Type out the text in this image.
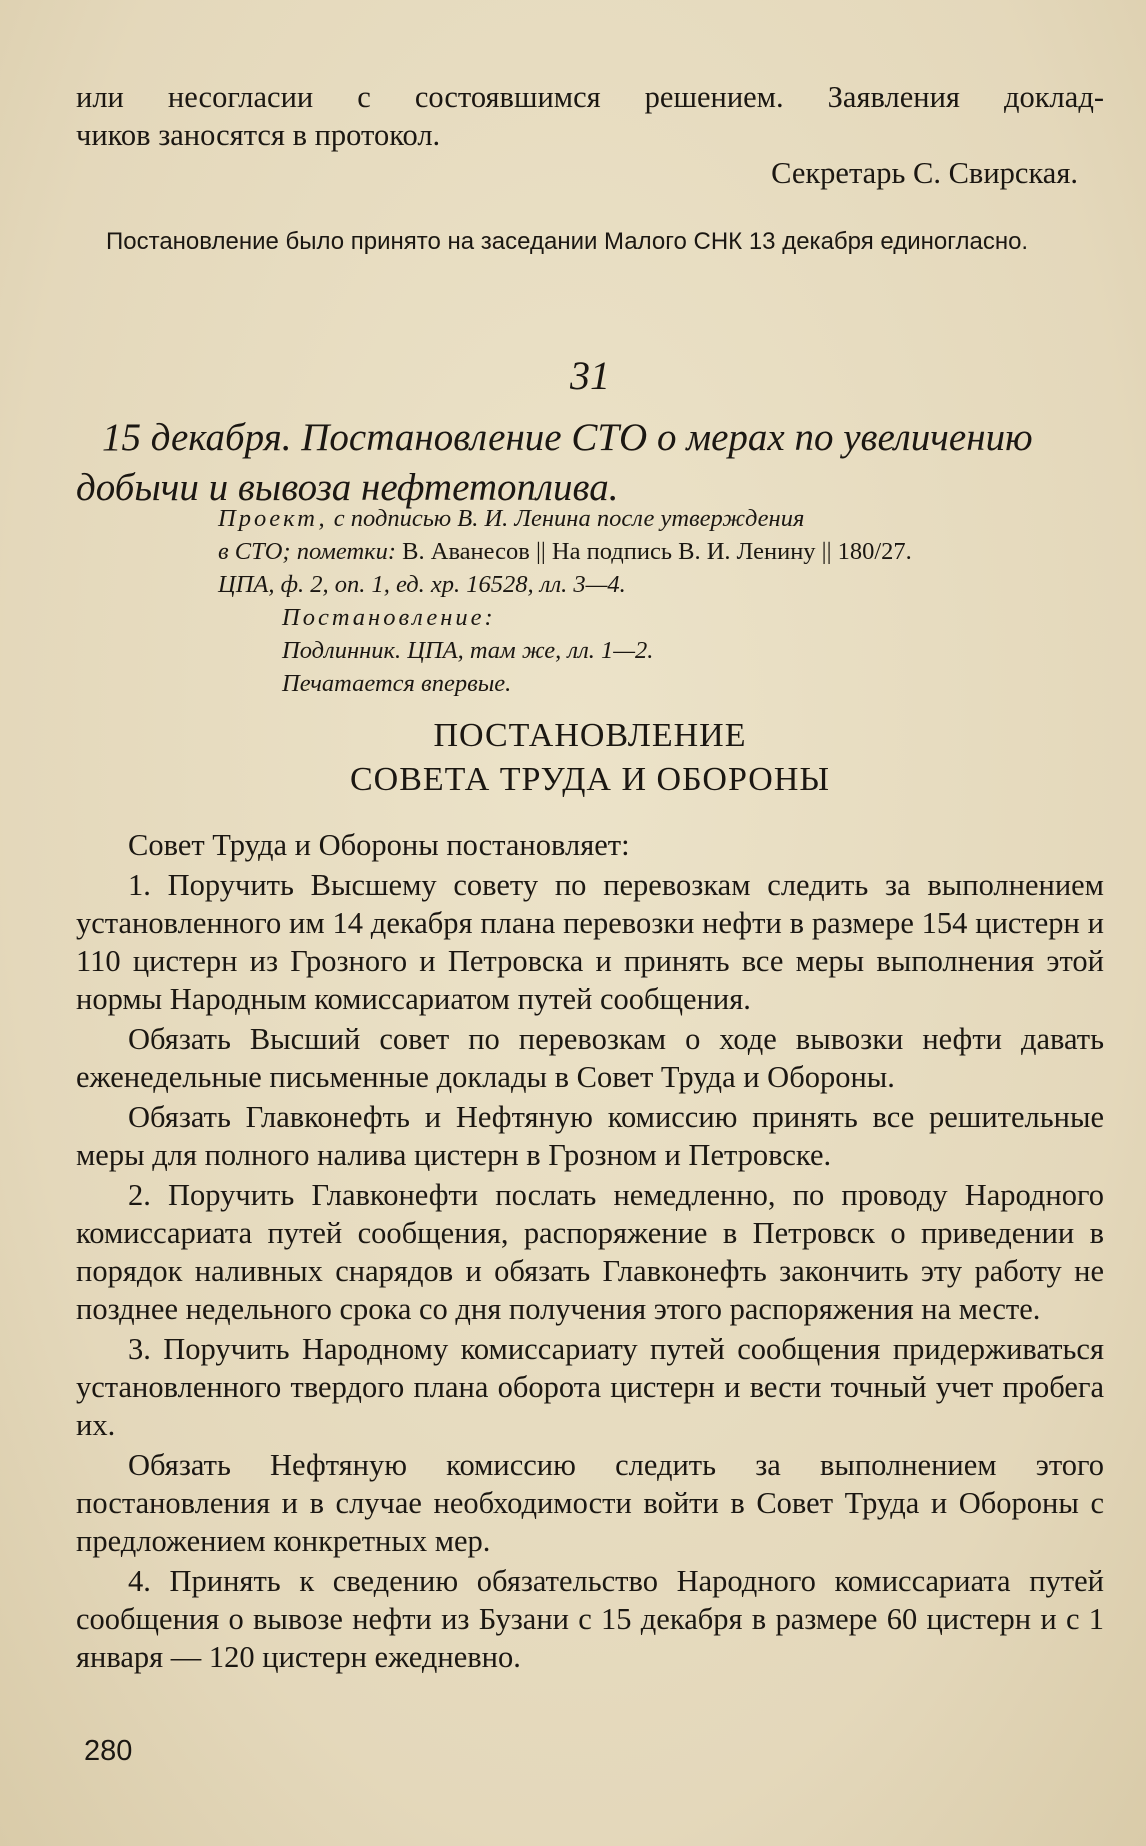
или несогласии с состоявшимся решением. Заявления доклад-

чиков заносятся в протокол.

Секретарь С. Свирская.

Постановление было принято на заседании Малого СНК 13 декабря единогласно.

31

15 декабря. Постановление СТО о мерах по увеличению добычи и вывоза нефтетоплива.

Проект, с подписью В. И. Ленина после утверждения

в СТО; пометки: В. Аванесов || На подпись В. И. Ленину || 180/27.

ЦПА, ф. 2, оп. 1, ед. хр. 16528, лл. 3—4.

Постановление:

Подлинник. ЦПА, там же, лл. 1—2.

Печатается впервые.

ПОСТАНОВЛЕНИЕ

СОВЕТА ТРУДА И ОБОРОНЫ

Совет Труда и Обороны постановляет:

1. Поручить Высшему совету по перевозкам следить за выполнением установленного им 14 декабря плана перевозки нефти в размере 154 цистерн и 110 цистерн из Грозного и Петровска и принять все меры выполнения этой нормы Народным комиссариатом путей сообщения.

Обязать Высший совет по перевозкам о ходе вывозки нефти давать еженедельные письменные доклады в Совет Труда и Обороны.

Обязать Главконефть и Нефтяную комиссию принять все решительные меры для полного налива цистерн в Грозном и Петровске.

2. Поручить Главконефти послать немедленно, по проводу Народного комиссариата путей сообщения, распоряжение в Петровск о приведении в порядок наливных снарядов и обязать Главконефть закончить эту работу не позднее недельного срока со дня получения этого распоряжения на месте.

3. Поручить Народному комиссариату путей сообщения придерживаться установленного твердого плана оборота цистерн и вести точный учет пробега их.

Обязать Нефтяную комиссию следить за выполнением этого постановления и в случае необходимости войти в Совет Труда и Обороны с предложением конкретных мер.

4. Принять к сведению обязательство Народного комиссариата путей сообщения о вывозе нефти из Бузани с 15 декабря в размере 60 цистерн и с 1 января — 120 цистерн ежедневно.

280
